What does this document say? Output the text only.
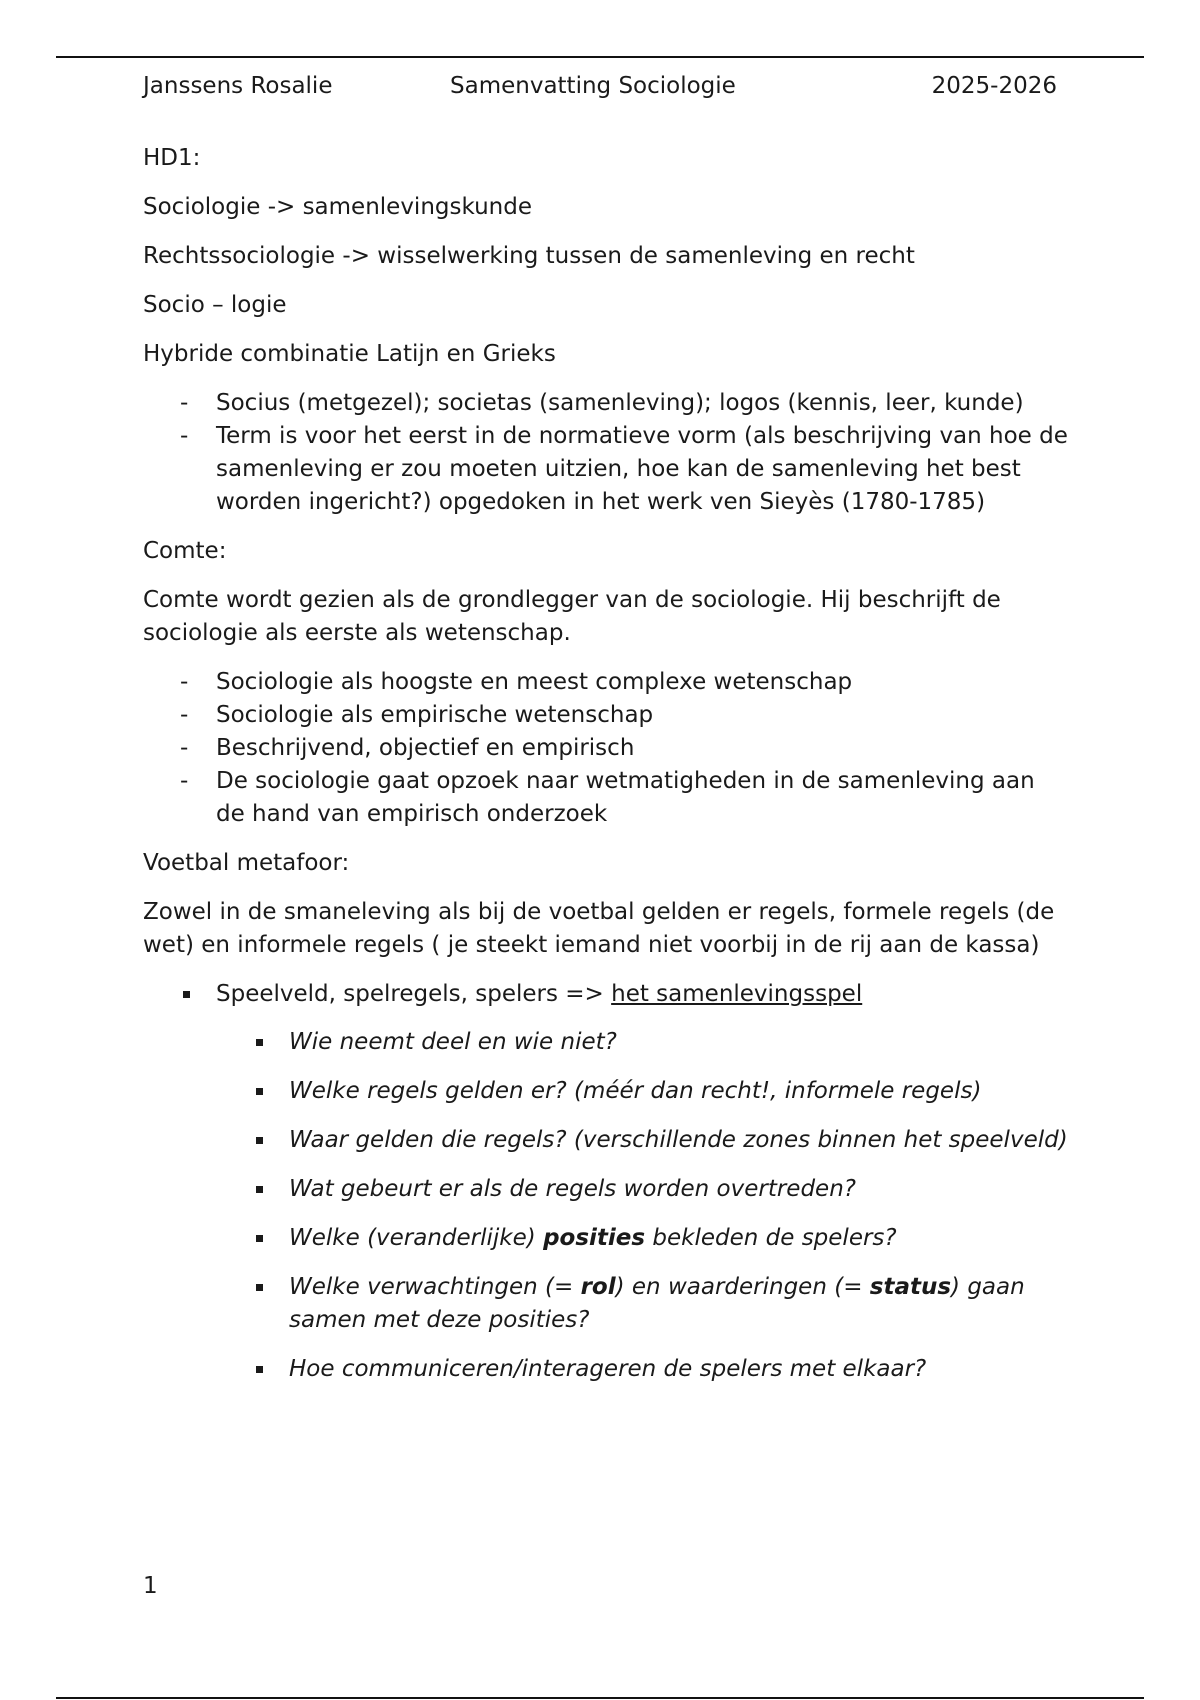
Janssens Rosalie	Samenvatting Sociologie	2025-2026

HD1:

Sociologie -> samenlevingskunde

Rechtssociologie -> wisselwerking tussen de samenleving en recht

Socio – logie

Hybride combinatie Latijn en Grieks

- Socius (metgezel); societas (samenleving); logos (kennis, leer, kunde)
- Term is voor het eerst in de normatieve vorm (als beschrijving van hoe de samenleving er zou moeten uitzien, hoe kan de samenleving het best worden ingericht?) opgedoken in het werk ven Sieyès (1780-1785)

Comte:

Comte wordt gezien als de grondlegger van de sociologie. Hij beschrijft de sociologie als eerste als wetenschap.

- Sociologie als hoogste en meest complexe wetenschap
- Sociologie als empirische wetenschap
- Beschrijvend, objectief en empirisch
- De sociologie gaat opzoek naar wetmatigheden in de samenleving aan de hand van empirisch onderzoek

Voetbal metafoor:

Zowel in de smaneleving als bij de voetbal gelden er regels, formele regels (de wet) en informele regels ( je steekt iemand niet voorbij in de rij aan de kassa)

Speelveld, spelregels, spelers => het samenlevingsspel
Wie neemt deel en wie niet?
Welke regels gelden er? (méér dan recht!, informele regels)
Waar gelden die regels? (verschillende zones binnen het speelveld)
Wat gebeurt er als de regels worden overtreden?
Welke (veranderlijke) posities bekleden de spelers?
Welke verwachtingen (= rol) en waarderingen (= status) gaan samen met deze posities?
Hoe communiceren/interageren de spelers met elkaar?
1
